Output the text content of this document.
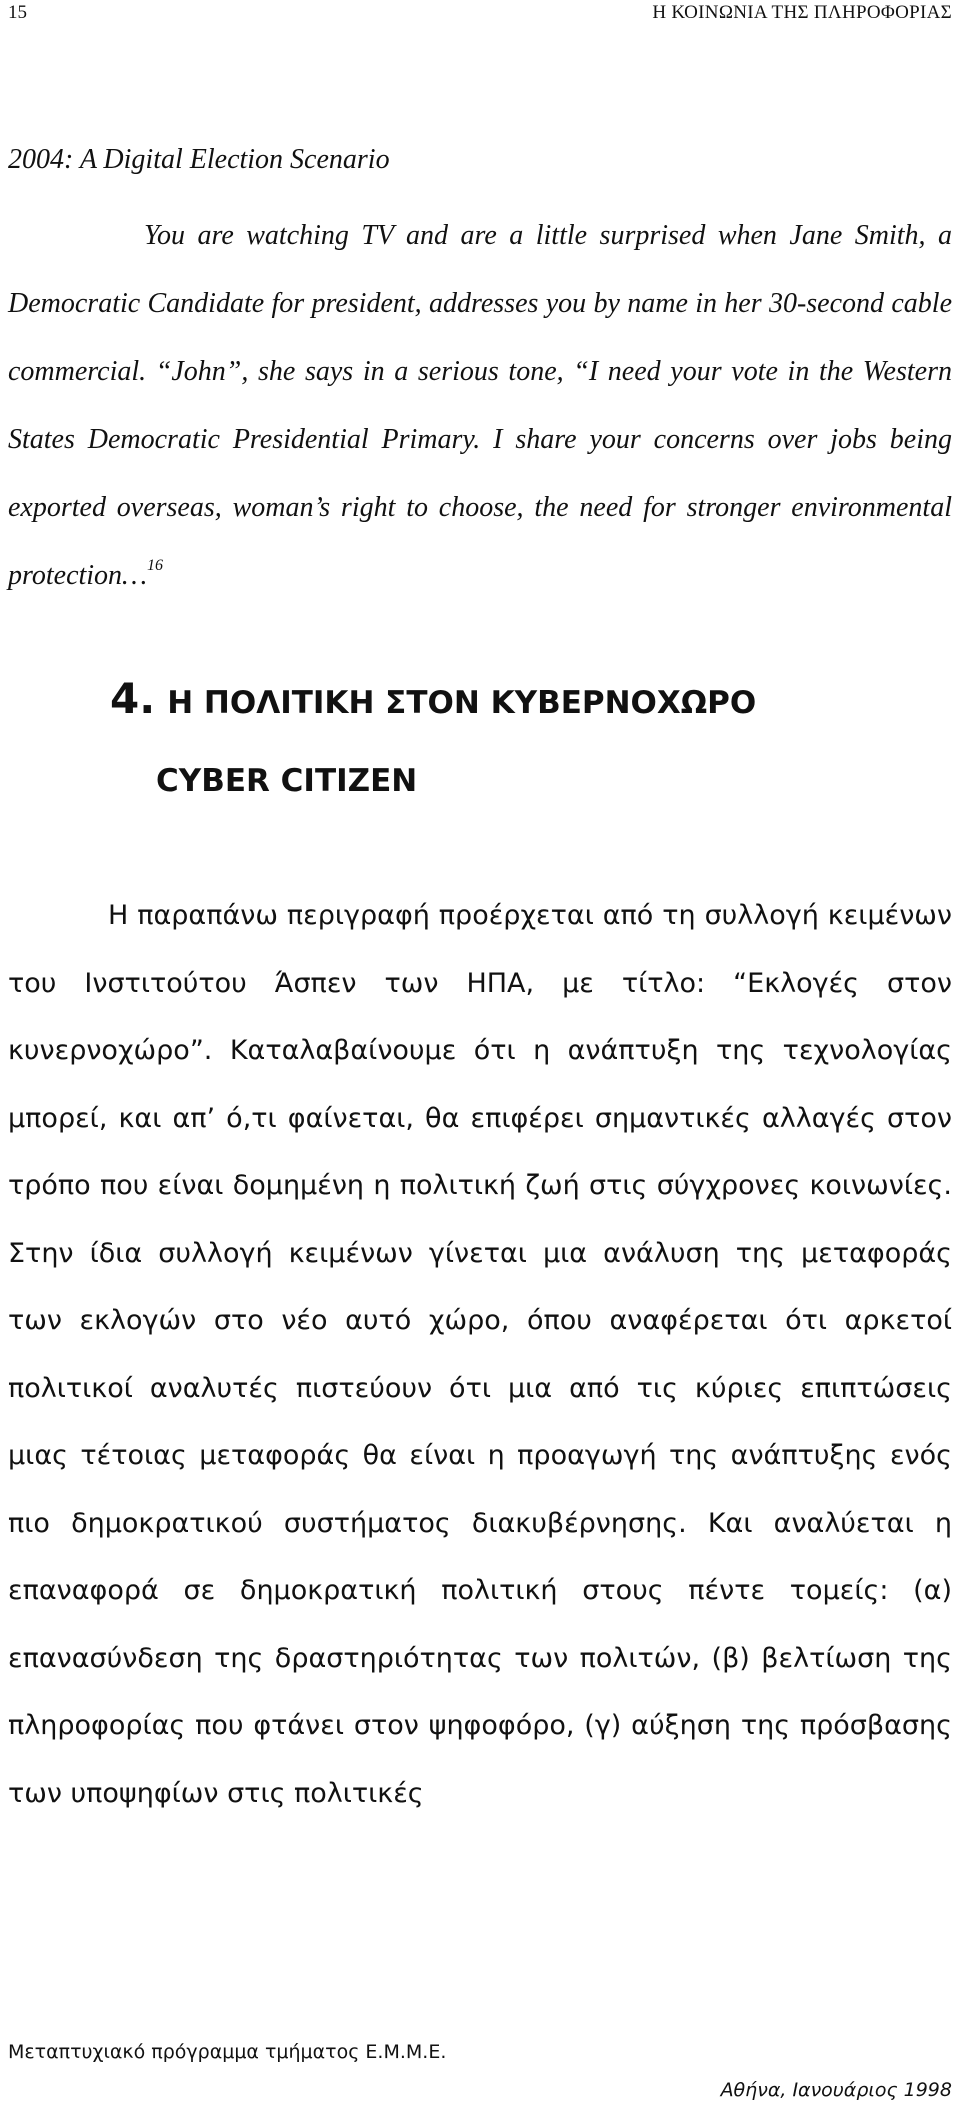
15	Η ΚΟΙΝΩΝΙΑ ΤΗΣ ΠΛΗΡΟΦΟΡΙΑΣ
2004: A Digital Election Scenario

You are watching TV and are a little surprised when Jane Smith, a Democratic Candidate for president, addresses you by name in her 30-second cable commercial. “John”, she says in a serious tone, “I need your vote in the Western States Democratic Presidential Primary. I share your concerns over jobs being exported overseas, woman’s right to choose, the need for stronger environmental protection…$^{16}$

4. Η ΠΟΛΙΤΙΚΗ ΣΤΟΝ ΚΥΒΕΡΝΟΧΩΡΟ
CYBER CITIZEN

Η παραπάνω περιγραφή προέρχεται από τη συλλογή κειμένων του Ινστιτούτου Άσπεν των ΗΠΑ, με τίτλο: “Εκλογές στον κυνερνοχώρο”. Καταλαβαίνουμε ότι η ανάπτυξη της τεχνολογίας μπορεί, και απ’ ό,τι φαίνεται, θα επιφέρει σημαντικές αλλαγές στον τρόπο που είναι δομημένη η πολιτική ζωή στις σύγχρονες κοινωνίες. Στην ίδια συλλογή κειμένων γίνεται μια ανάλυση της μεταφοράς των εκλογών στο νέο αυτό χώρο, όπου αναφέρεται ότι αρκετοί πολιτικοί αναλυτές πιστεύουν ότι μια από τις κύριες επιπτώσεις μιας τέτοιας μεταφοράς θα είναι η προαγωγή της ανάπτυξης ενός πιο δημοκρατικού συστήματος διακυβέρνησης. Και αναλύεται η επαναφορά σε δημοκρατική πολιτική στους πέντε τομείς: (α) επανασύνδεση της δραστηριότητας των πολιτών, (β) βελτίωση της πληροφορίας που φτάνει στον ψηφοφόρο, (γ) αύξηση της πρόσβασης των υποψηφίων στις πολιτικές

Μεταπτυχιακό πρόγραμμα τμήματος Ε.Μ.Μ.Ε.
Αθήνα, Ιανουάριος 1998
